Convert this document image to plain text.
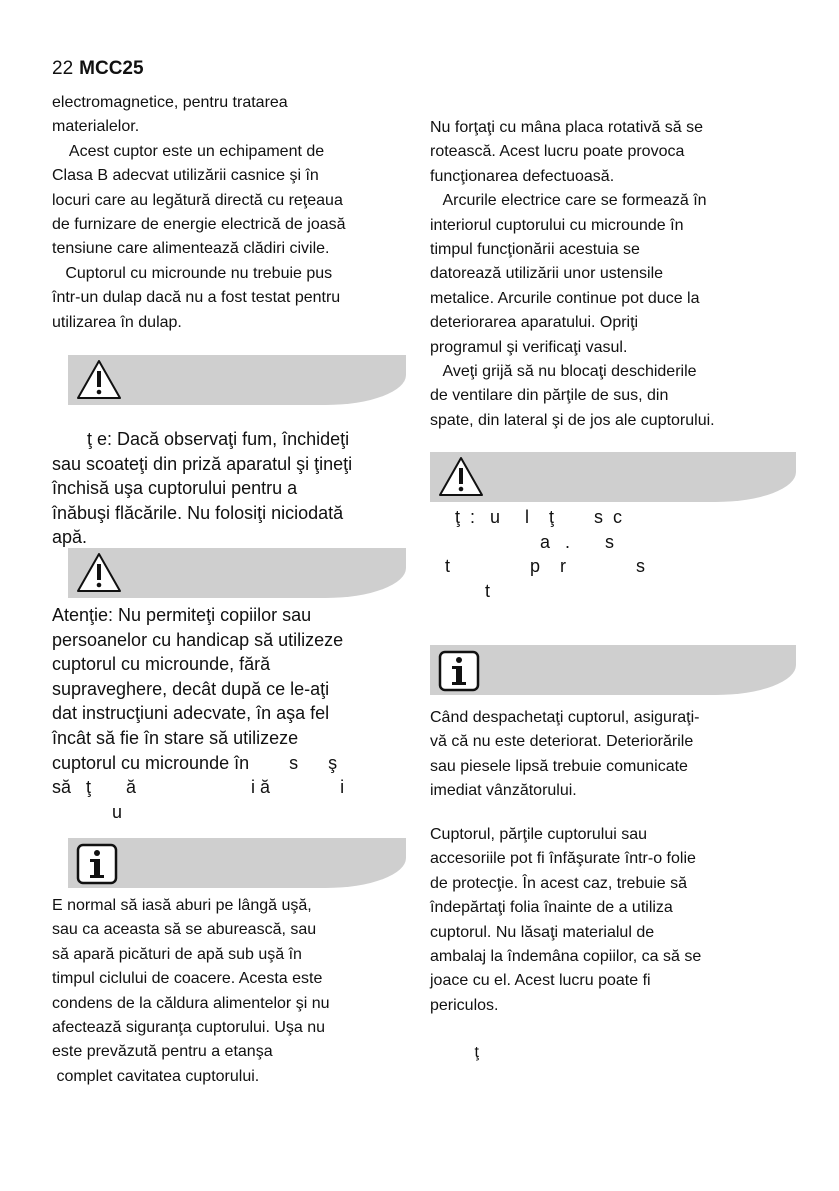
22 MCC25
electromagnetice, pentru tratarea
materialelor.
Acest cuptor este un echipament de
Clasa B adecvat utilizării casnice şi în
locuri care au legătură directă cu reţeaua
de furnizare de energie electrică de joasă
tensiune care alimentează clădiri civile.
Cuptorul cu microunde nu trebuie pus
într-un dulap dacă nu a fost testat pentru
utilizarea în dulap.
ţ e: Dacă observaţi fum, închideţi
sau scoateţi din priză aparatul şi ţineţi
închisă uşa cuptorului pentru a
înăbuşi flăcările. Nu folosiţi niciodată
apă.
Atenţie: Nu permiteţi copiilor sau
persoanelor cu handicap să utilizeze
cuptorul cu microunde, fără
supraveghere, decât după ce le-aţi
dat instrucţiuni adecvate, în aşa fel
încât să fie în stare să utilizeze
cuptorul cu microunde în        s      ş
să   ţ       ă                       i ă              i
u
E normal să iasă aburi pe lângă uşă,
sau ca aceasta să se aburească, sau
să apară picături de apă sub uşă în
timpul ciclului de coacere. Acesta este
condens de la căldura alimentelor şi nu
afectează siguranţa cuptorului. Uşa nu
este prevăzută pentru a etanşa
complet cavitatea cuptorului.
Nu forţaţi cu mâna placa rotativă să se
rotească. Acest lucru poate provoca
funcţionarea defectuoasă.
Arcurile electrice care se formează în
interiorul cuptorului cu microunde în
timpul funcţionării acestuia se
datorează utilizării unor ustensile
metalice. Arcurile continue pot duce la
deteriorarea aparatului. Opriţi
programul şi verificaţi vasul.
Aveţi grijă să nu blocaţi deschiderile
de ventilare din părţile de sus, din
spate, din lateral şi de jos ale cuptorului.
ţ  :   u     l    ţ        s  c
a   .       s
t                p    r              s
t
Când despachetaţi cuptorul, asiguraţi-
vă că nu este deteriorat. Deteriorările
sau piesele lipsă trebuie comunicate
imediat vânzătorului.
Cuptorul, părţile cuptorului sau
accesoriile pot fi înfăşurate într-o folie
de protecţie. În acest caz, trebuie să
îndepărtaţi folia înainte de a utiliza
cuptorul. Nu lăsaţi materialul de
ambalaj la îndemâna copiilor, ca să se
joace cu el. Acest lucru poate fi
periculos.
ţ
